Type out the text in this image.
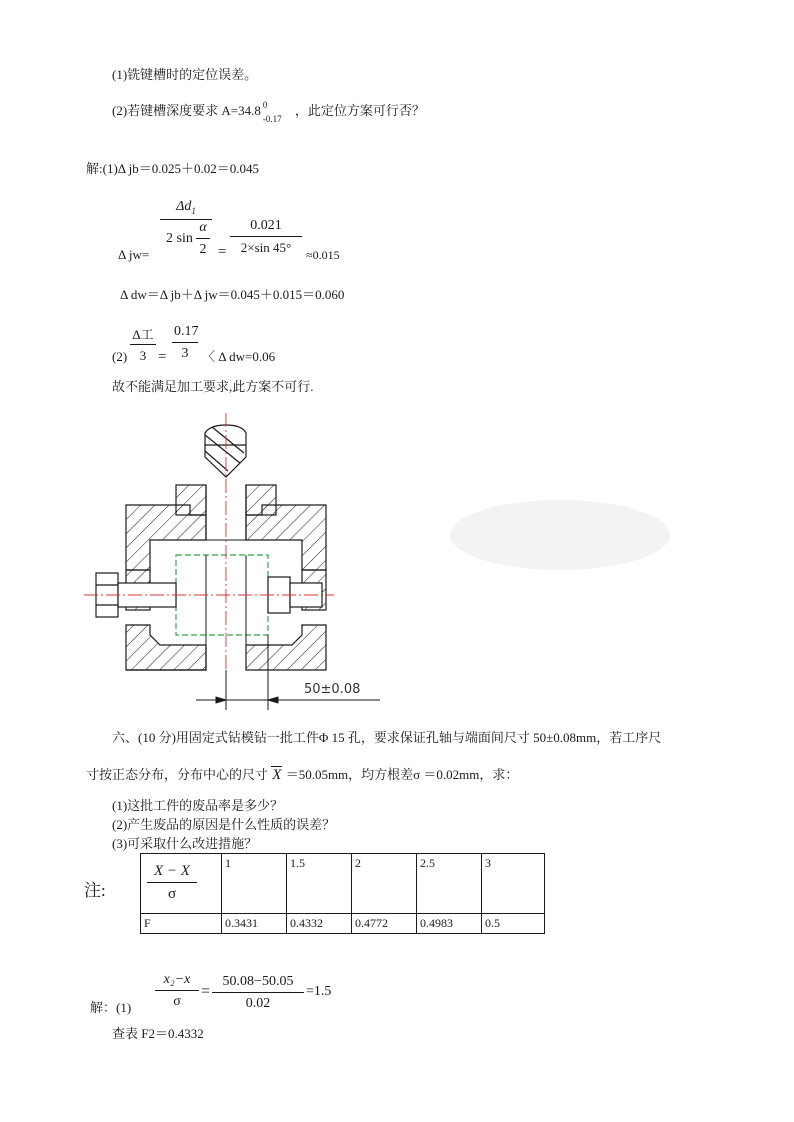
(1)铣键槽时的定位误差。
(2)若键槽深度要求 A=34.8 0
-0.17
，此定位方案可行否？
解:(1)Δ jb＝0.025＋0.02＝0.045
$\Delta d_1$
2 sin
α
2
Δ jw=	=
0.021
2×sin 45°	≈0.015
Δ dw＝Δ jb＋Δ jw＝0.045＋0.015＝0.060
Δ工
3
0.17
3
(2) =	〈 Δ dw=0.06
故不能满足加工要求,此方案不可行.
50±0.08
六、(10 分)用固定式钻模钻一批工件Φ 15 孔，要求保证孔轴与端面间尺寸 50±0.08mm，若工序尺
寸按正态分布，分布中心的尺寸 X ＝50.05mm，均方根差σ ＝0.02mm，求：
(1)这批工件的废品率是多少？
(2)产生废品的原因是什么性质的误差？
(3)可采取什么改进措施？
注:
X − X
σ	1	1.5	2	2.5	3
F	0.3431	0.4332	0.4772	0.4983	0.5
x₂−x
σ
=
50.08−50.05
0.02
=1.5
解：(1)
查表 F2＝0.4332
